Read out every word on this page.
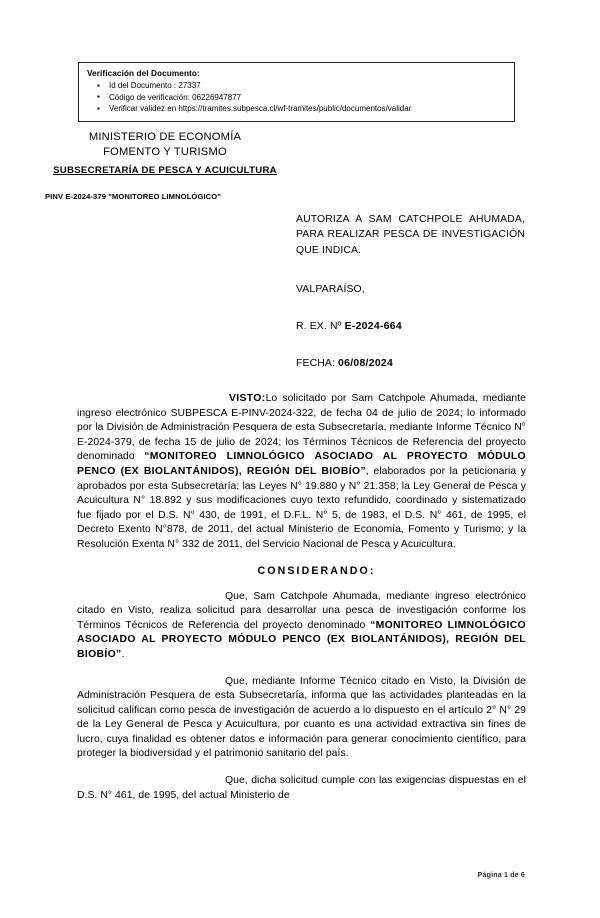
Verificación del Documento:
▪ Id del Documento : 27337
▪ Código de verificación: 06226947877
▪ Verificar validez en https://tramites.subpesca.cl/wf-tramites/public/documentos/validar
MINISTERIO DE ECONOMÍA
FOMENTO Y TURISMO
SUBSECRETARÍA DE PESCA Y ACUICULTURA
PINV E-2024-379 "MONITOREO LIMNOLÓGICO"
AUTORIZA A SAM CATCHPOLE AHUMADA, PARA REALIZAR PESCA DE INVESTIGACIÓN QUE INDICA.
VALPARAÍSO,
R. EX. Nº E-2024-664
FECHA: 06/08/2024

VISTO:Lo solicitado por Sam Catchpole Ahumada, mediante ingreso electrónico SUBPESCA E-PINV-2024-322, de fecha 04 de julio de 2024; lo informado por la División de Administración Pesquera de esta Subsecretaría, mediante Informe Técnico N° E-2024-379, de fecha 15 de julio de 2024; los Términos Técnicos de Referencia del proyecto denominado “MONITOREO LIMNOLÓGICO ASOCIADO AL PROYECTO MÓDULO PENCO (EX BIOLANTÁNIDOS), REGIÓN DEL BIOBÍO”, elaborados por la peticionaria y aprobados por esta Subsecretaría; las Leyes N° 19.880 y N° 21.358; la Ley General de Pesca y Acuicultura N° 18.892 y sus modificaciones cuyo texto refundido, coordinado y sistematizado fue fijado por el D.S. N° 430, de 1991, el D.F.L. N° 5, de 1983, el D.S. N° 461, de 1995, el Decreto Exento N°878, de 2011, del actual Ministerio de Economía, Fomento y Turismo; y la Resolución Exenta N° 332 de 2011, del Servicio Nacional de Pesca y Acuicultura.

CONSIDERANDO:

Que, Sam Catchpole Ahumada, mediante ingreso electrónico citado en Visto, realiza solicitud para desarrollar una pesca de investigación conforme los Términos Técnicos de Referencia del proyecto denominado “MONITOREO LIMNOLÓGICO ASOCIADO AL PROYECTO MÓDULO PENCO (EX BIOLANTÁNIDOS), REGIÓN DEL BIOBÍO”.

Que, mediante Informe Técnico citado en Visto, la División de Administración Pesquera de esta Subsecretaría, informa que las actividades planteadas en la solicitud califican como pesca de investigación de acuerdo a lo dispuesto en el artículo 2° N° 29 de la Ley General de Pesca y Acuicultura, por cuanto es una actividad extractiva sin fines de lucro, cuya finalidad es obtener datos e información para generar conocimiento científico, para proteger la biodiversidad y el patrimonio sanitario del país.

Que, dicha solicitud cumple con las exigencias dispuestas en el D.S. N° 461, de 1995, del actual Ministerio de

Página 1 de 6
